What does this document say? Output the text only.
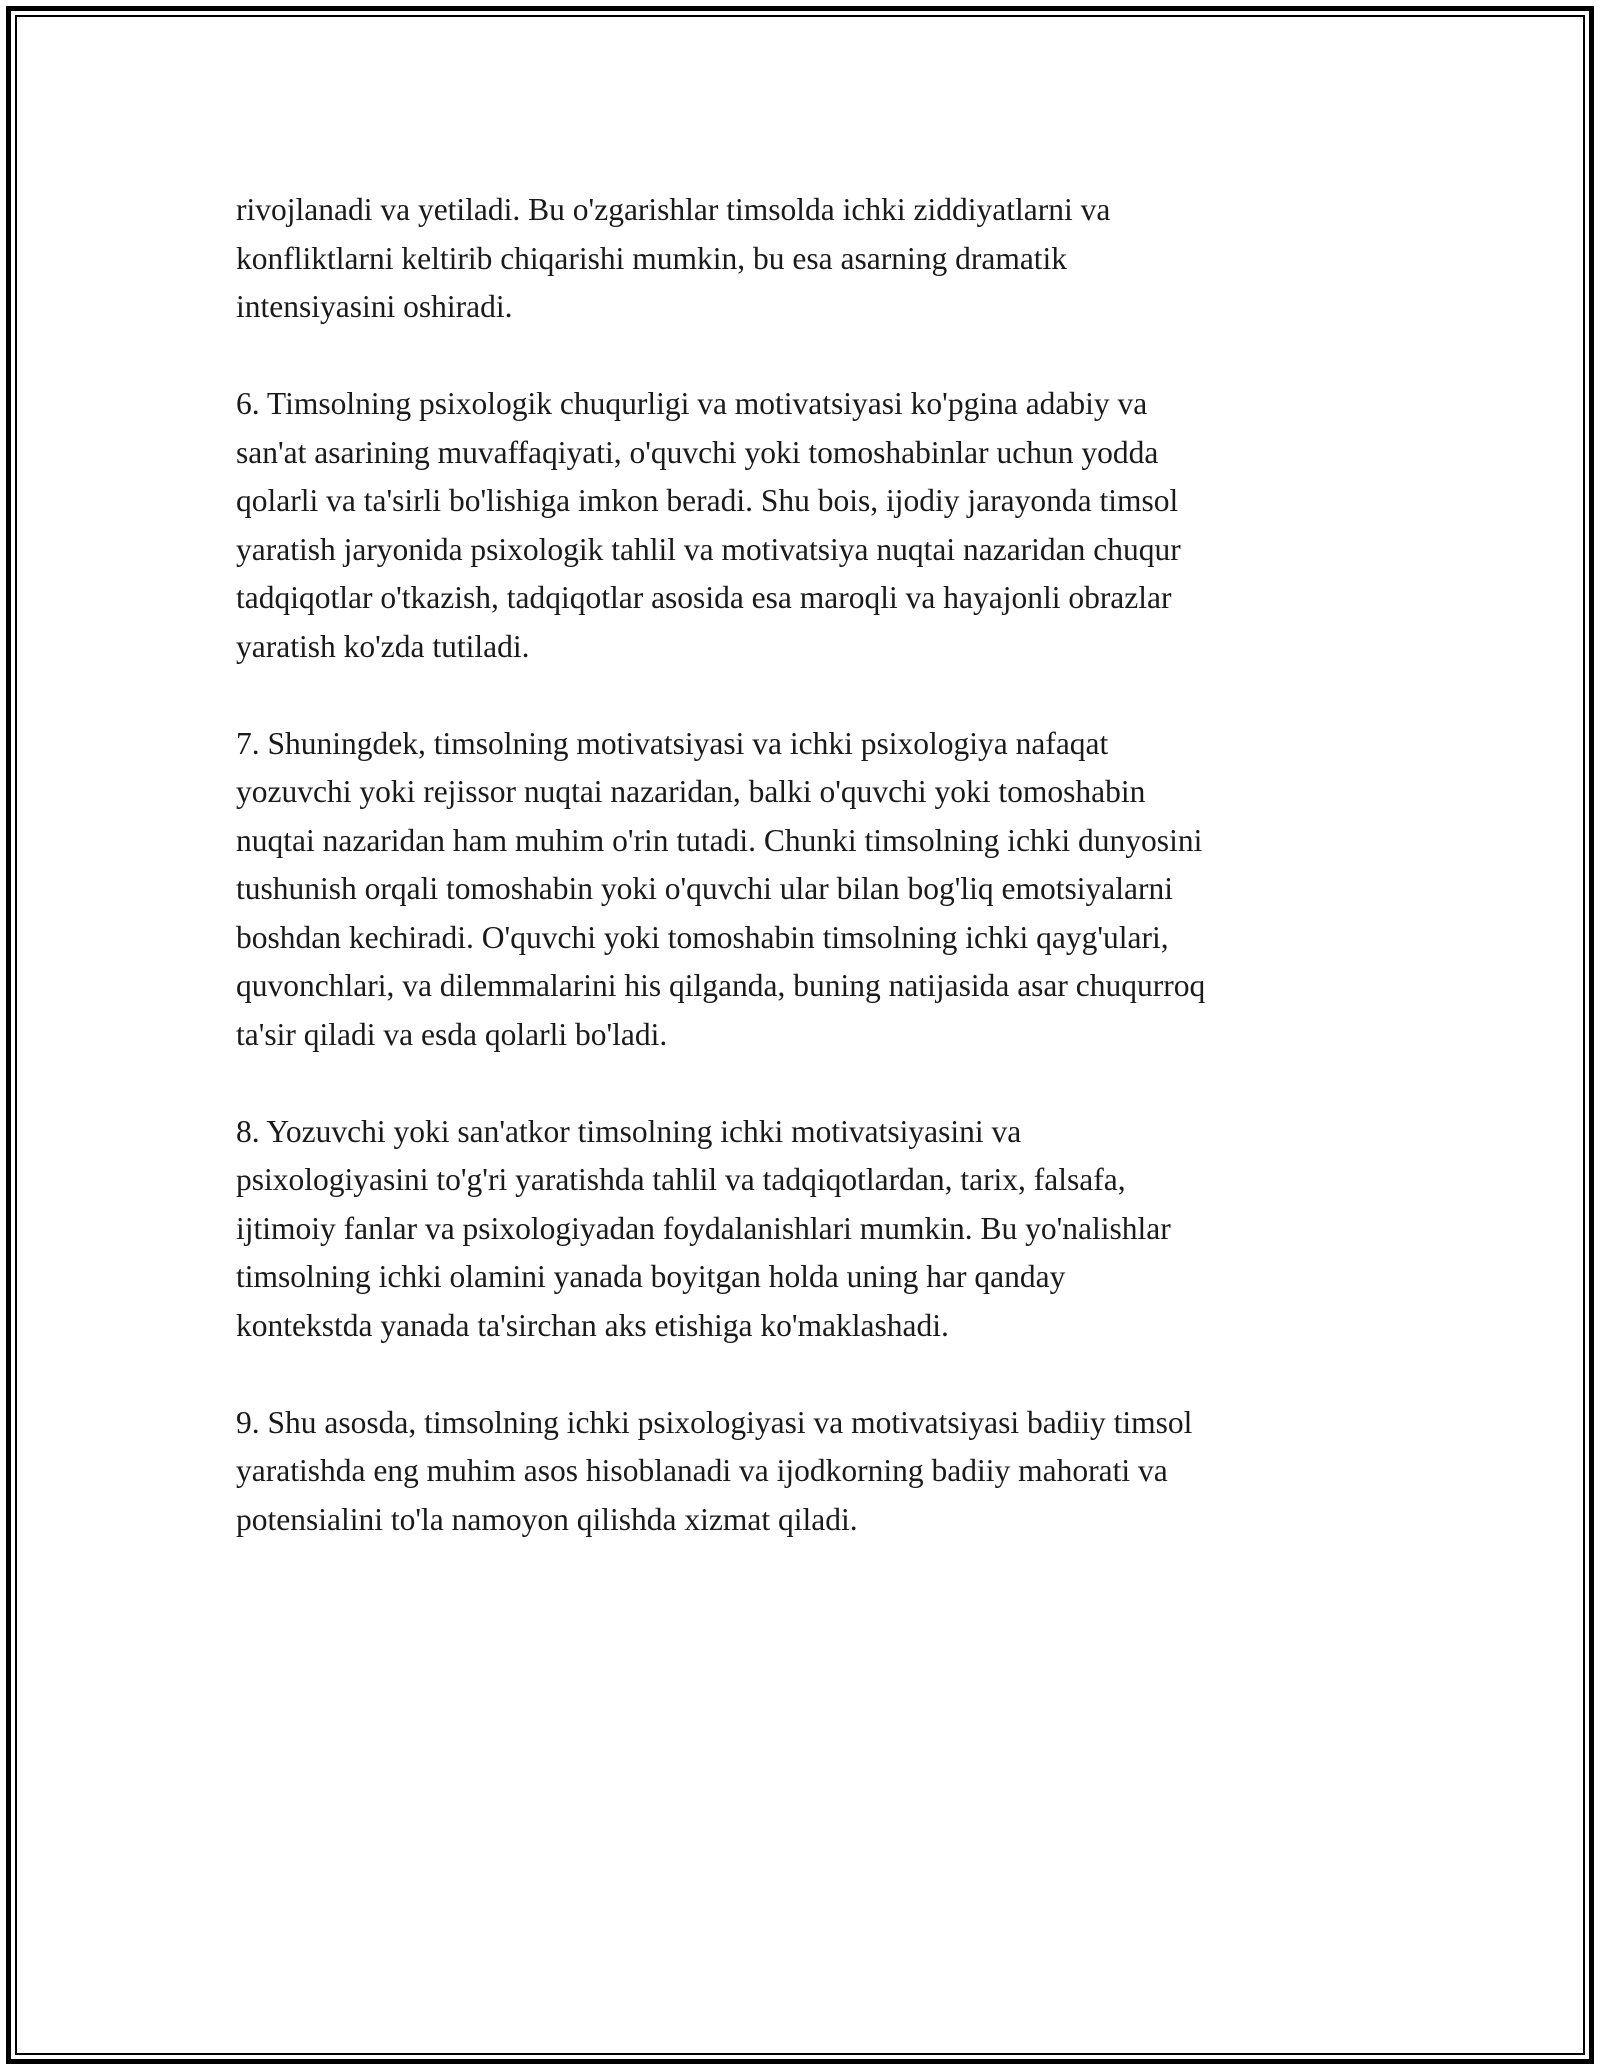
rivojlanadi va yetiladi. Bu o'zgarishlar timsolda ichki ziddiyatlarni va
konfliktlarni keltirib chiqarishi mumkin, bu esa asarning dramatik
intensiyasini oshiradi.

6. Timsolning psixologik chuqurligi va motivatsiyasi ko'pgina adabiy va
san'at asarining muvaffaqiyati, o'quvchi yoki tomoshabinlar uchun yodda
qolarli va ta'sirli bo'lishiga imkon beradi. Shu bois, ijodiy jarayonda timsol
yaratish jaryonida psixologik tahlil va motivatsiya nuqtai nazaridan chuqur
tadqiqotlar o'tkazish, tadqiqotlar asosida esa maroqli va hayajonli obrazlar
yaratish ko'zda tutiladi.

7. Shuningdek, timsolning motivatsiyasi va ichki psixologiya nafaqat
yozuvchi yoki rejissor nuqtai nazaridan, balki o'quvchi yoki tomoshabin
nuqtai nazaridan ham muhim o'rin tutadi. Chunki timsolning ichki dunyosini
tushunish orqali tomoshabin yoki o'quvchi ular bilan bog'liq emotsiyalarni
boshdan kechiradi. O'quvchi yoki tomoshabin timsolning ichki qayg'ulari,
quvonchlari, va dilemmalarini his qilganda, buning natijasida asar chuqurroq
ta'sir qiladi va esda qolarli bo'ladi.

8. Yozuvchi yoki san'atkor timsolning ichki motivatsiyasini va
psixologiyasini to'g'ri yaratishda tahlil va tadqiqotlardan, tarix, falsafa,
ijtimoiy fanlar va psixologiyadan foydalanishlari mumkin. Bu yo'nalishlar
timsolning ichki olamini yanada boyitgan holda uning har qanday
kontekstda yanada ta'sirchan aks etishiga ko'maklashadi.

9. Shu asosda, timsolning ichki psixologiyasi va motivatsiyasi badiiy timsol
yaratishda eng muhim asos hisoblanadi va ijodkorning badiiy mahorati va
potensialini to'la namoyon qilishda xizmat qiladi.
